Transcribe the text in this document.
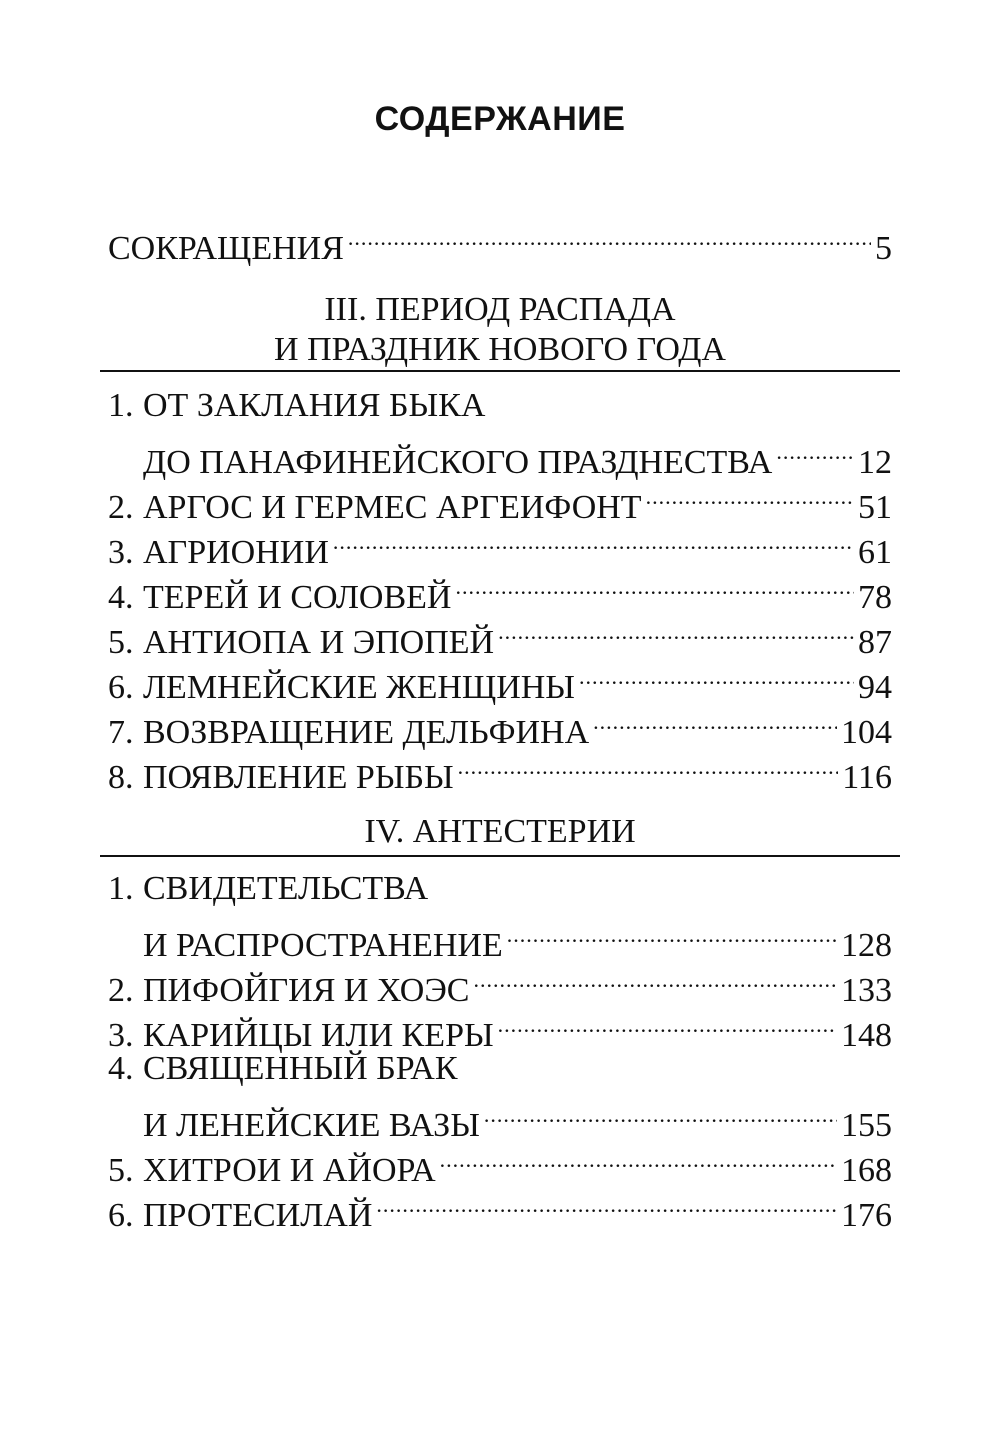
СОДЕРЖАНИЕ
СОКРАЩЕНИЯ .....	5
III. ПЕРИОД РАСПАДА
И ПРАЗДНИК НОВОГО ГОДА
1. ОТ ЗАКЛАНИЯ БЫКА
ДО ПАНАФИНЕЙСКОГО ПРАЗДНЕСТВА .....	12
2. АРГОС И ГЕРМЕС АРГЕИФОНТ .....	51
3. АГРИОНИИ .....	61
4. ТЕРЕЙ И СОЛОВЕЙ .....	78
5. АНТИОПА И ЭПОПЕЙ .....	87
6. ЛЕМНЕЙСКИЕ ЖЕНЩИНЫ .....	94
7. ВОЗВРАЩЕНИЕ ДЕЛЬФИНА .....	104
8. ПОЯВЛЕНИЕ РЫБЫ .....	116
IV. АНТЕСТЕРИИ
1. СВИДЕТЕЛЬСТВА
И РАСПРОСТРАНЕНИЕ .....	128
2. ПИФОЙГИЯ И ХОЭС .....	133
3. КАРИЙЦЫ ИЛИ КЕРЫ .....	148
4. СВЯЩЕННЫЙ БРАК
И ЛЕНЕЙСКИЕ ВАЗЫ .....	155
5. ХИТРОИ И АЙОРА .....	168
6. ПРОТЕСИЛАЙ .....	176
